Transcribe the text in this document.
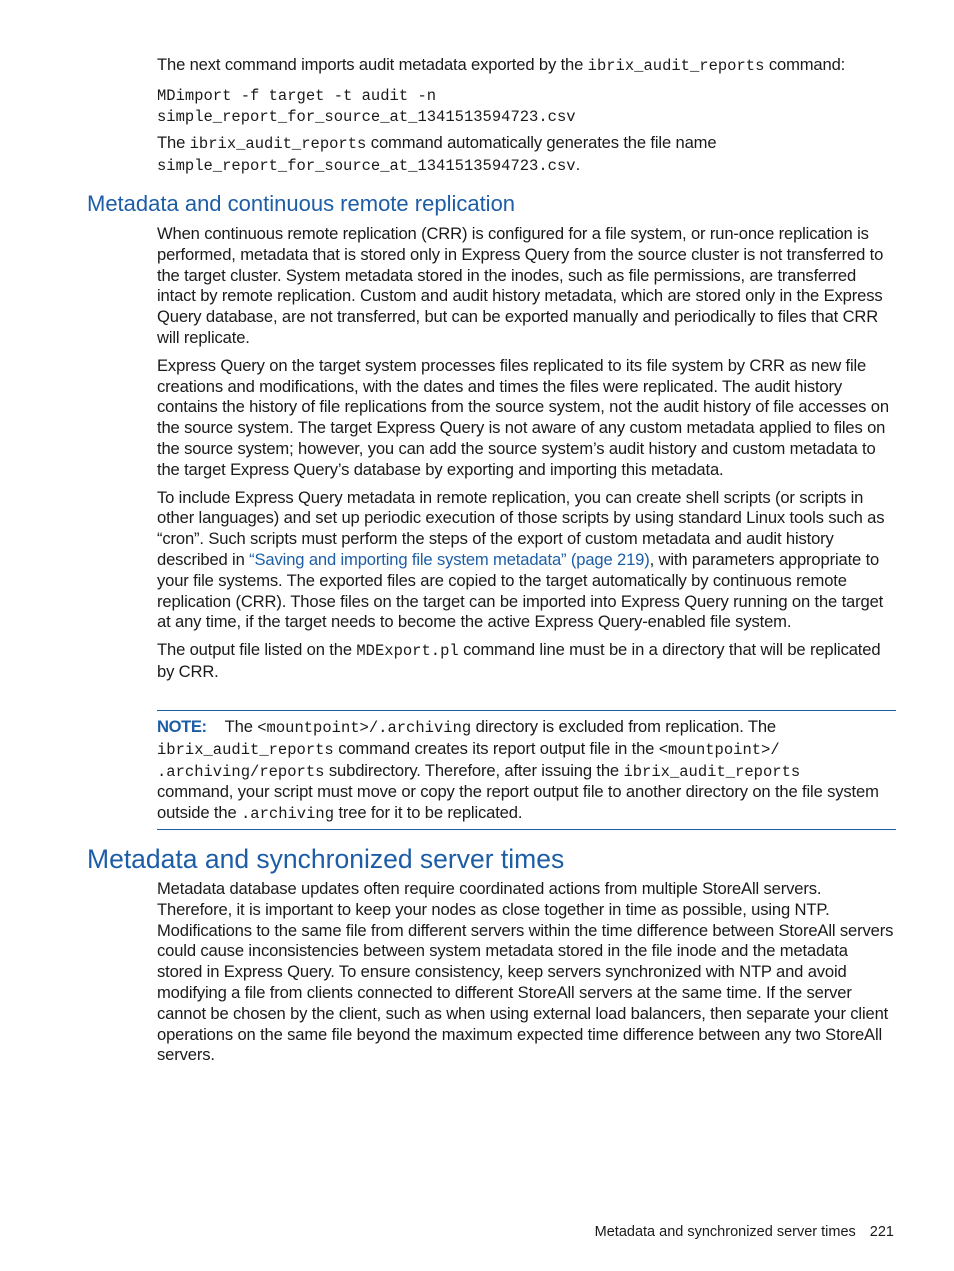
The next command imports audit metadata exported by the ibrix_audit_reports command:

MDimport -f target -t audit -n
simple_report_for_source_at_1341513594723.csv

The ibrix_audit_reports command automatically generates the file name
simple_report_for_source_at_1341513594723.csv.

Metadata and continuous remote replication

When continuous remote replication (CRR) is configured for a file system, or run-once replication is performed, metadata that is stored only in Express Query from the source cluster is not transferred to the target cluster. System metadata stored in the inodes, such as file permissions, are transferred intact by remote replication. Custom and audit history metadata, which are stored only in the Express Query database, are not transferred, but can be exported manually and periodically to files that CRR will replicate.

Express Query on the target system processes files replicated to its file system by CRR as new file creations and modifications, with the dates and times the files were replicated. The audit history contains the history of file replications from the source system, not the audit history of file accesses on the source system. The target Express Query is not aware of any custom metadata applied to files on the source system; however, you can add the source system’s audit history and custom metadata to the target Express Query’s database by exporting and importing this metadata.

To include Express Query metadata in remote replication, you can create shell scripts (or scripts in other languages) and set up periodic execution of those scripts by using standard Linux tools such as “cron”. Such scripts must perform the steps of the export of custom metadata and audit history described in “Saving and importing file system metadata” (page 219), with parameters appropriate to your file systems. The exported files are copied to the target automatically by continuous remote replication (CRR). Those files on the target can be imported into Express Query running on the target at any time, if the target needs to become the active Express Query-enabled file system.

The output file listed on the MDExport.pl command line must be in a directory that will be replicated by CRR.

NOTE: The <mountpoint>/.archiving directory is excluded from replication. The
ibrix_audit_reports command creates its report output file in the <mountpoint>/
.archiving/reports subdirectory. Therefore, after issuing the ibrix_audit_reports
command, your script must move or copy the report output file to another directory on the file system outside the .archiving tree for it to be replicated.

Metadata and synchronized server times

Metadata database updates often require coordinated actions from multiple StoreAll servers. Therefore, it is important to keep your nodes as close together in time as possible, using NTP. Modifications to the same file from different servers within the time difference between StoreAll servers could cause inconsistencies between system metadata stored in the file inode and the metadata stored in Express Query. To ensure consistency, keep servers synchronized with NTP and avoid modifying a file from clients connected to different StoreAll servers at the same time. If the server cannot be chosen by the client, such as when using external load balancers, then separate your client operations on the same file beyond the maximum expected time difference between any two StoreAll servers.

Metadata and synchronized server times 221
